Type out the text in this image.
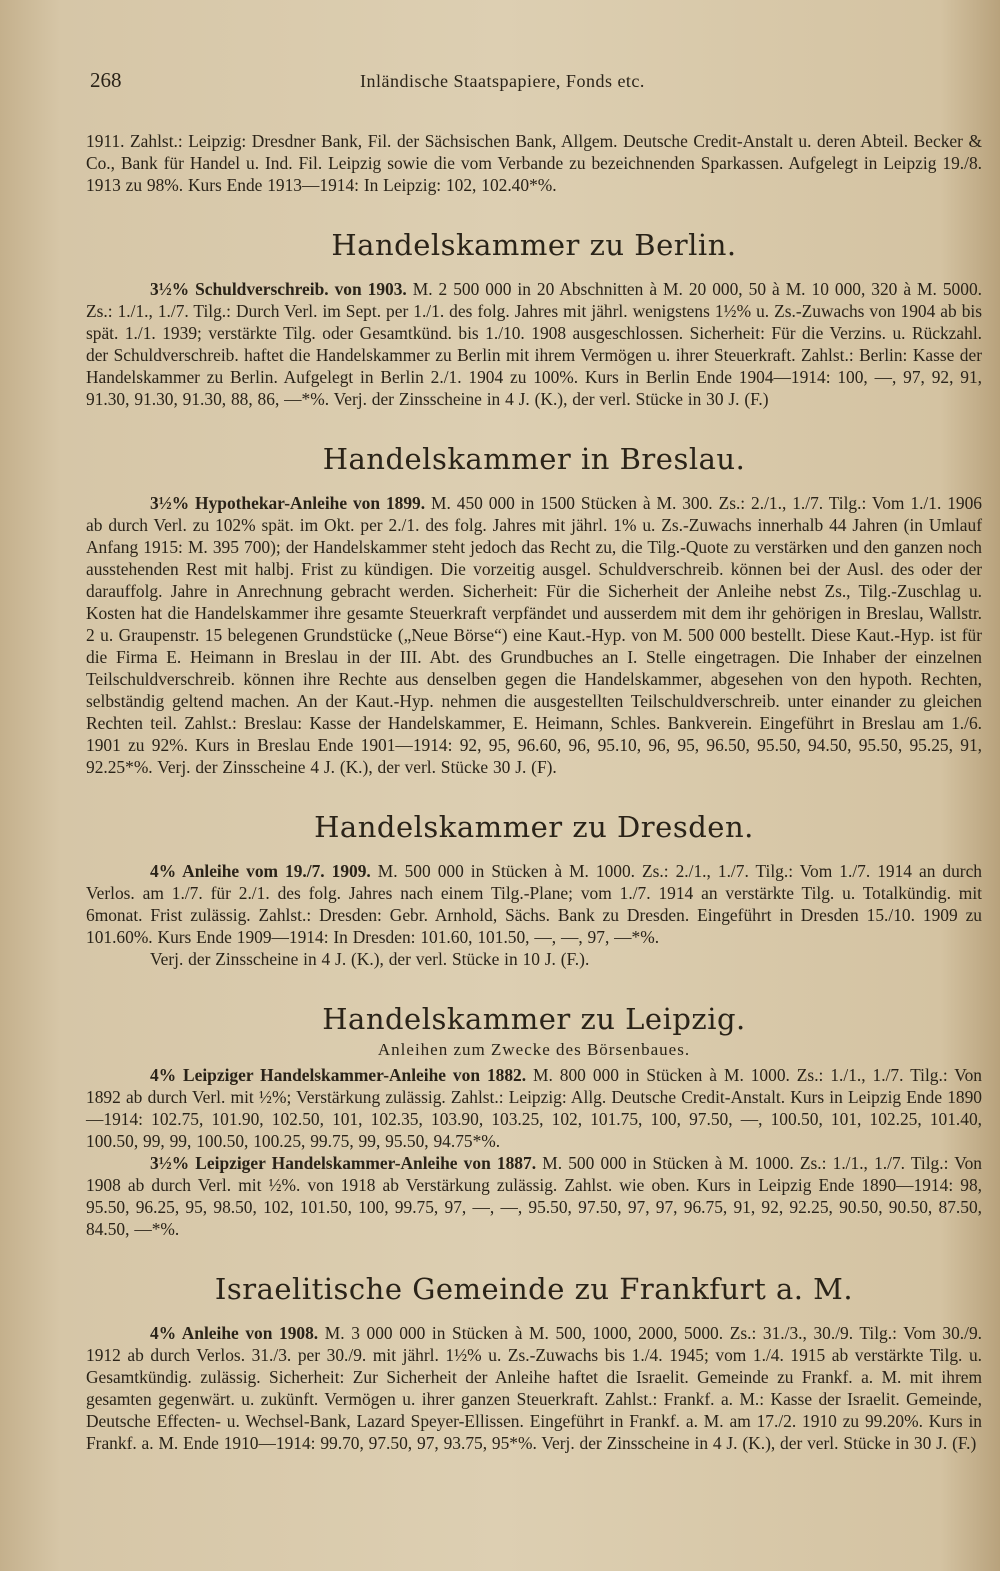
268	Inländische Staatspapiere, Fonds etc.

1911. Zahlst.: Leipzig: Dresdner Bank, Fil. der Sächsischen Bank, Allgem. Deutsche Credit-Anstalt u. deren Abteil. Becker & Co., Bank für Handel u. Ind. Fil. Leipzig sowie die vom Verbande zu bezeichnenden Sparkassen. Aufgelegt in Leipzig 19./8. 1913 zu 98%. Kurs Ende 1913—1914: In Leipzig: 102, 102.40*%.

Handelskammer zu Berlin.

3½% Schuldverschreib. von 1903. M. 2 500 000 in 20 Abschnitten à M. 20 000, 50 à M. 10 000, 320 à M. 5000. Zs.: 1./1., 1./7. Tilg.: Durch Verl. im Sept. per 1./1. des folg. Jahres mit jährl. wenigstens 1½% u. Zs.-Zuwachs von 1904 ab bis spät. 1./1. 1939; verstärkte Tilg. oder Gesamtkünd. bis 1./10. 1908 ausgeschlossen. Sicherheit: Für die Verzins. u. Rückzahl. der Schuldverschreib. haftet die Handelskammer zu Berlin mit ihrem Vermögen u. ihrer Steuerkraft. Zahlst.: Berlin: Kasse der Handelskammer zu Berlin. Aufgelegt in Berlin 2./1. 1904 zu 100%. Kurs in Berlin Ende 1904—1914: 100, —, 97, 92, 91, 91.30, 91.30, 91.30, 88, 86, —*%. Verj. der Zinsscheine in 4 J. (K.), der verl. Stücke in 30 J. (F.)

Handelskammer in Breslau.

3½% Hypothekar-Anleihe von 1899. M. 450 000 in 1500 Stücken à M. 300. Zs.: 2./1., 1./7. Tilg.: Vom 1./1. 1906 ab durch Verl. zu 102% spät. im Okt. per 2./1. des folg. Jahres mit jährl. 1% u. Zs.-Zuwachs innerhalb 44 Jahren (in Umlauf Anfang 1915: M. 395 700); der Handelskammer steht jedoch das Recht zu, die Tilg.-Quote zu verstärken und den ganzen noch ausstehenden Rest mit halbj. Frist zu kündigen. Die vorzeitig ausgel. Schuldverschreib. können bei der Ausl. des oder der darauffolg. Jahre in Anrechnung gebracht werden. Sicherheit: Für die Sicherheit der Anleihe nebst Zs., Tilg.-Zuschlag u. Kosten hat die Handelskammer ihre gesamte Steuerkraft verpfändet und ausserdem mit dem ihr gehörigen in Breslau, Wallstr. 2 u. Graupenstr. 15 belegenen Grundstücke („Neue Börse“) eine Kaut.-Hyp. von M. 500 000 bestellt. Diese Kaut.-Hyp. ist für die Firma E. Heimann in Breslau in der III. Abt. des Grundbuches an I. Stelle eingetragen. Die Inhaber der einzelnen Teilschuldverschreib. können ihre Rechte aus denselben gegen die Handelskammer, abgesehen von den hypoth. Rechten, selbständig geltend machen. An der Kaut.-Hyp. nehmen die ausgestellten Teilschuldverschreib. unter einander zu gleichen Rechten teil. Zahlst.: Breslau: Kasse der Handelskammer, E. Heimann, Schles. Bankverein. Eingeführt in Breslau am 1./6. 1901 zu 92%. Kurs in Breslau Ende 1901—1914: 92, 95, 96.60, 96, 95.10, 96, 95, 96.50, 95.50, 94.50, 95.50, 95.25, 91, 92.25*%. Verj. der Zinsscheine 4 J. (K.), der verl. Stücke 30 J. (F).

Handelskammer zu Dresden.

4% Anleihe vom 19./7. 1909. M. 500 000 in Stücken à M. 1000. Zs.: 2./1., 1./7. Tilg.: Vom 1./7. 1914 an durch Verlos. am 1./7. für 2./1. des folg. Jahres nach einem Tilg.-Plane; vom 1./7. 1914 an verstärkte Tilg. u. Totalkündig. mit 6monat. Frist zulässig. Zahlst.: Dresden: Gebr. Arnhold, Sächs. Bank zu Dresden. Eingeführt in Dresden 15./10. 1909 zu 101.60%. Kurs Ende 1909—1914: In Dresden: 101.60, 101.50, —, —, 97, —*%.

Verj. der Zinsscheine in 4 J. (K.), der verl. Stücke in 10 J. (F.).

Handelskammer zu Leipzig.
Anleihen zum Zwecke des Börsenbaues.

4% Leipziger Handelskammer-Anleihe von 1882. M. 800 000 in Stücken à M. 1000. Zs.: 1./1., 1./7. Tilg.: Von 1892 ab durch Verl. mit ½%; Verstärkung zulässig. Zahlst.: Leipzig: Allg. Deutsche Credit-Anstalt. Kurs in Leipzig Ende 1890—1914: 102.75, 101.90, 102.50, 101, 102.35, 103.90, 103.25, 102, 101.75, 100, 97.50, —, 100.50, 101, 102.25, 101.40, 100.50, 99, 99, 100.50, 100.25, 99.75, 99, 95.50, 94.75*%.

3½% Leipziger Handelskammer-Anleihe von 1887. M. 500 000 in Stücken à M. 1000. Zs.: 1./1., 1./7. Tilg.: Von 1908 ab durch Verl. mit ½%. von 1918 ab Verstärkung zulässig. Zahlst. wie oben. Kurs in Leipzig Ende 1890—1914: 98, 95.50, 96.25, 95, 98.50, 102, 101.50, 100, 99.75, 97, —, —, 95.50, 97.50, 97, 97, 96.75, 91, 92, 92.25, 90.50, 90.50, 87.50, 84.50, —*%.

Israelitische Gemeinde zu Frankfurt a. M.

4% Anleihe von 1908. M. 3 000 000 in Stücken à M. 500, 1000, 2000, 5000. Zs.: 31./3., 30./9. Tilg.: Vom 30./9. 1912 ab durch Verlos. 31./3. per 30./9. mit jährl. 1½% u. Zs.-Zuwachs bis 1./4. 1945; vom 1./4. 1915 ab verstärkte Tilg. u. Gesamtkündig. zulässig. Sicherheit: Zur Sicherheit der Anleihe haftet die Israelit. Gemeinde zu Frankf. a. M. mit ihrem gesamten gegenwärt. u. zukünft. Vermögen u. ihrer ganzen Steuerkraft. Zahlst.: Frankf. a. M.: Kasse der Israelit. Gemeinde, Deutsche Effecten- u. Wechsel-Bank, Lazard Speyer-Ellissen. Eingeführt in Frankf. a. M. am 17./2. 1910 zu 99.20%. Kurs in Frankf. a. M. Ende 1910—1914: 99.70, 97.50, 97, 93.75, 95*%. Verj. der Zinsscheine in 4 J. (K.), der verl. Stücke in 30 J. (F.)
